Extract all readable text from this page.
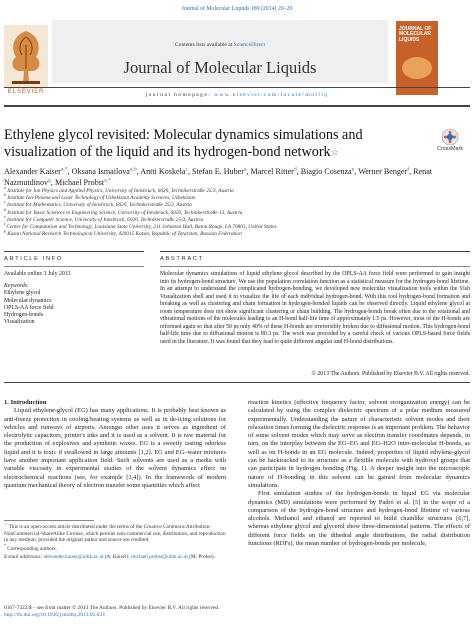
Journal of Molecular Liquids 189 (2014) 20–29
ELSEVIER
Contents lists available at ScienceDirect
Journal of Molecular Liquids
JOURNAL OF MOLECULAR LIQUIDS
journal homepage: www.elsevier.com/locate/molliq
Ethylene glycol revisited: Molecular dynamics simulations and visualization of the liquid and its hydrogen-bond network☆	CrossMark
Alexander Kaiser$^{a,*}$, Oksana Ismailova$^{a,b}$, Antti Koskela$^c$, Stefan E. Huber$^a$, Marcel Ritter$^d$, Biagio Cosenza$^e$, Werner Benger$^f$, Renat Nazmutdinov$^g$, Michael Probst$^{a,*}$
$^a$ Institute for Ion Physics and Applied Physics, University of Innsbruck, 6020, Technikerstraße 25/3, Austria
$^b$ Institute Ion-Plasma and Laser Technology of Uzbekistan Academy Sciences, Uzbekistan
$^c$ Institute for Mathematics, University of Innsbruck, 6020, Technikerstraße 25/3, Austria
$^d$ Institute for Basic Sciences in Engineering Science, University of Innsbruck, 6020, Technikerstraße 13, Austria
$^e$ Institute for Computer Science, University of Innsbruck, 6020, Technikerstraße 25/3, Austria
$^f$ Center for Computation and Technology, Louisiana State University, 211 Johnston Hall, Baton Rouge, LA 70803, United States
$^g$ Kazan National Research Technological University, 420015 Kazan, Republic of Tatarstan, Russian Federation
ARTICLE INFO	ABSTRACT
Available online 3 July 2013
Keywords:
Ethylene glycol
Molecular dynamics
OPLS-AA force field
Hydrogen-bonds
Visualization
Molecular dynamics simulations of liquid ethylene glycol described by the OPLS-AA force field were performed to gain insight into its hydrogen-bond structure. We use the population correlation function as a statistical measure for the hydrogen-bond lifetime. In an attempt to understand the complicated hydrogen-bonding, we developed new molecular visualization tools within the Vish Visualization shell and used it to visualize the life of each individual hydrogen-bond. With this tool hydrogen-bond formation and breaking as well as clustering and chain formation in hydrogen-bonded liquids can be observed directly. Liquid ethylene glycol at room temperature does not show significant clustering or chain building. The hydrogen-bonds break often due to the rotational and vibrational motions of the molecules leading to an H-bond half-life time of approximately 1.5 ps. However, most of the H-bonds are reformed again so that after 50 ps only 40% of these H-bonds are irreversibly broken due to diffusional motion. This hydrogen-bond half-life time due to diffusional motion is 80.3 ps. The work was preceded by a careful check of various OPLS-based force fields used in the literature. It was found that they lead to quite different angular and H-bond distributions.
© 2013 The Authors. Published by Elsevier B.V. All rights reserved.

1. Introduction

Liquid ethylene-glycol (EG) has many applications. It is probably best known as anti-freeze protection in cooling/heating systems as well as in de-icing solutions for vehicles and runways of airports. Amongst other uses it serves as ingredient of electrolytic capacitors, printer's inks and it is used as a solvent. It is raw material for the production of explosives and synthetic waxes. EG is a sweetly tasting odorless liquid and it is toxic if swallowed in large amounts [1,2]. EG and EG–water mixtures have another important application field. Such solvents are used as a media with variable viscosity in experimental studies of the solvent dynamics effect on electrochemical reactions (see, for example [3,4]). In the framework of modern quantum mechanical theory of electron transfer some quantities which affect

☆ This is an open-access article distributed under the terms of the Creative Commons Attribution-NonCommercial-ShareAlike License, which permits non-commercial use, distribution, and reproduction in any medium, provided the original author and source are credited.
* Corresponding authors.
E-mail addresses: alexander.kaiser@uibk.ac.at (A. Kaiser), michael.probst@uibk.ac.at (M. Probst).
0167-7322/$ – see front matter © 2013 The Authors. Published by Elsevier B.V. All rights reserved.
http://dx.doi.org/10.1016/j.molliq.2013.05.033

reaction kinetics (effective frequency factor, solvent reorganization energy) can be calculated by using the complex dielectric spectrum of a polar medium measured experimentally. Understanding the nature of characteristic solvent modes and their relaxation times forming the dielectric response is an important problem. The behavior of some solvent modes which may serve as electron transfer coordinates depends, in turn, on the interplay between the EG–EG and EG–H2O inter-molecular H-bonds, as well as on H-bonds in an EG molecule. Indeed, properties of liquid ethylene-glycol can be backtracked to its structure as a flexible molecule with hydroxyl groups that can participate in hydrogen bonding (Fig. 1). A deeper insight into the microscopic nature of H-bonding in this solvent can be gained from molecular dynamics simulations.

First simulation studies of the hydrogen-bonds in liquid EG via molecular dynamics (MD) simulations were performed by Padró et al. [5] in the scope of a comparison of the hydrogen-bond structure and hydrogen-bond lifetime of various alcohols. Methanol and ethanol are reported to build chainlike structures [6,7], whereas ethylene glycol and glycerol show three-dimensional patterns. The effects of different force fields on the dihedral angle distributions, the radial distribution functions (RDFs), the mean number of hydrogen-bonds per molecule,
